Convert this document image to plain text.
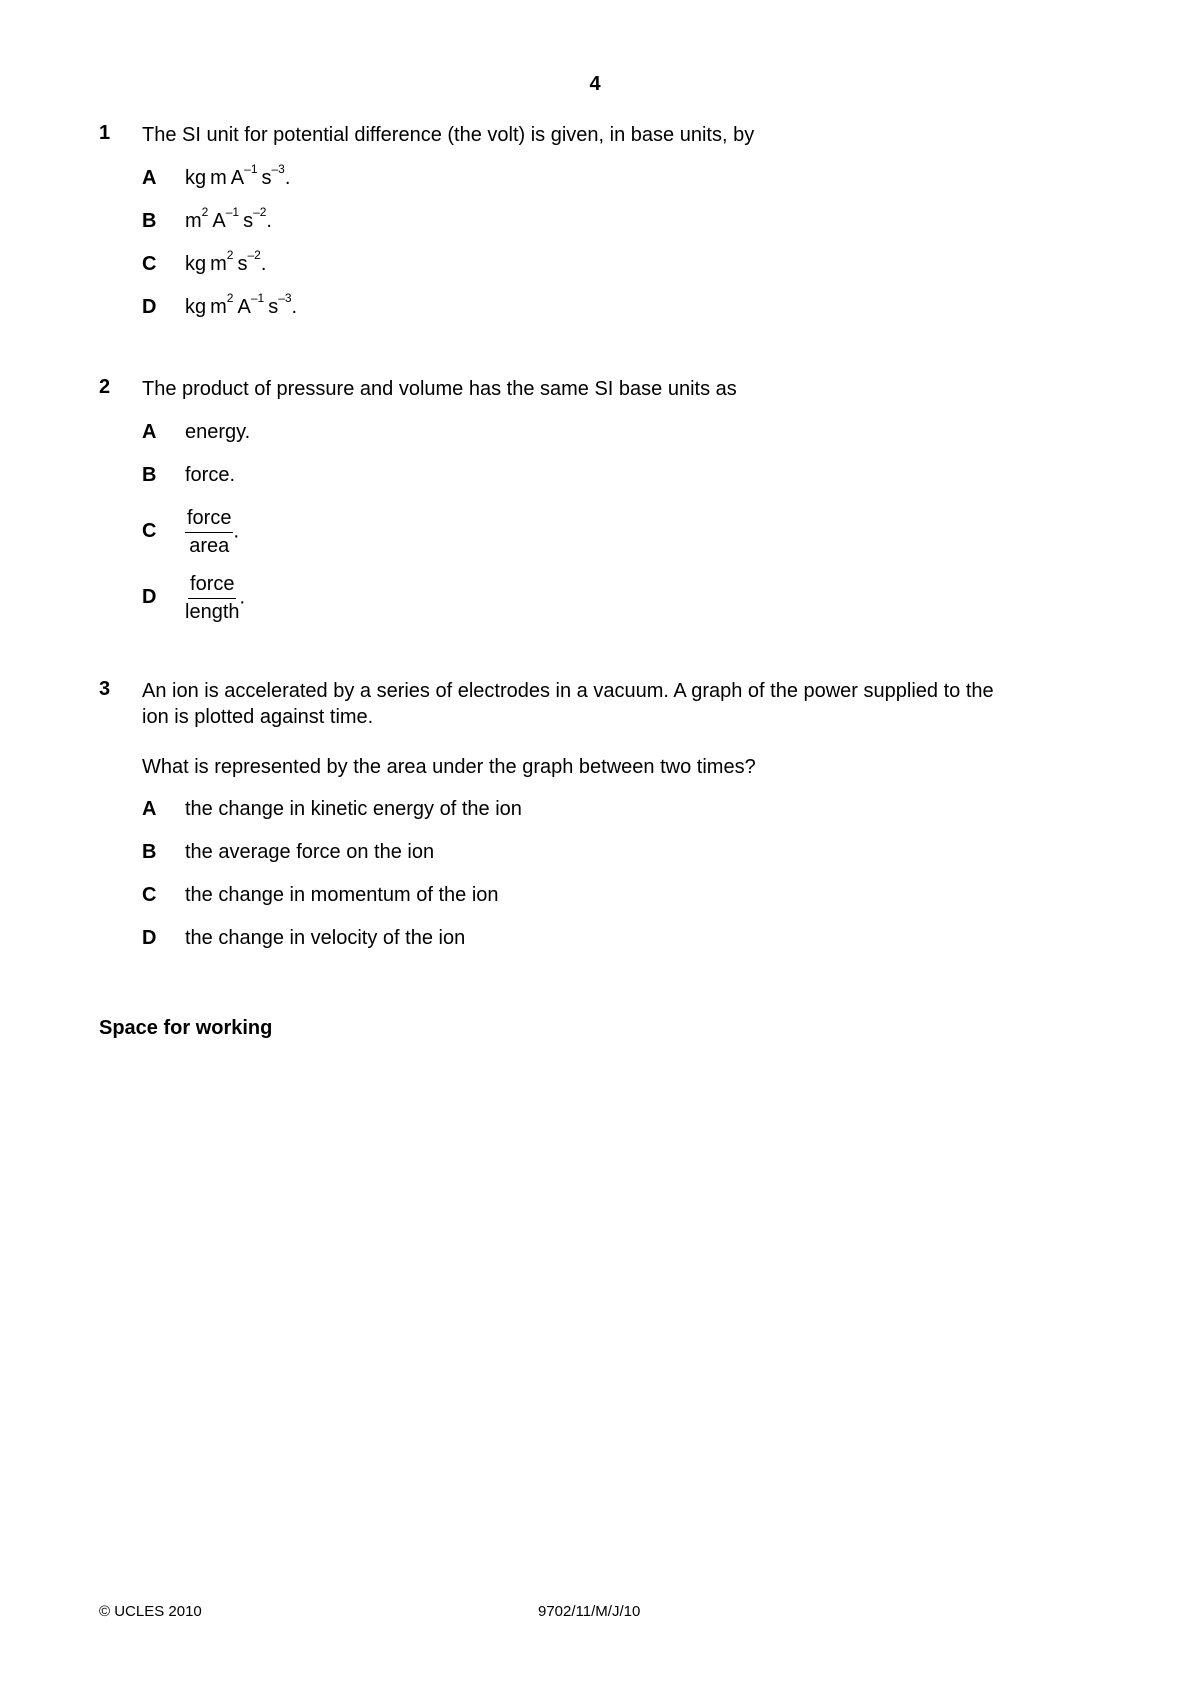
4
1 The SI unit for potential difference (the volt) is given, in base units, by
A kg m $A^{-1}$ $s^{-3}$.
B $m^2$ $A^{-1}$ $s^{-2}$.
C kg $m^2$ $s^{-2}$.
D kg $m^2$ $A^{-1}$ $s^{-3}$.
2 The product of pressure and volume has the same SI base units as
A energy.
B force.
C $\frac{\text{force}}{\text{area}}$ .
D $\frac{\text{force}}{\text{length}}$ .
3 An ion is accelerated by a series of electrodes in a vacuum. A graph of the power supplied to the
ion is plotted against time.
What is represented by the area under the graph between two times?
A the change in kinetic energy of the ion
B the average force on the ion
C the change in momentum of the ion
D the change in velocity of the ion
Space for working
© UCLES 2010	9702/11/M/J/10
